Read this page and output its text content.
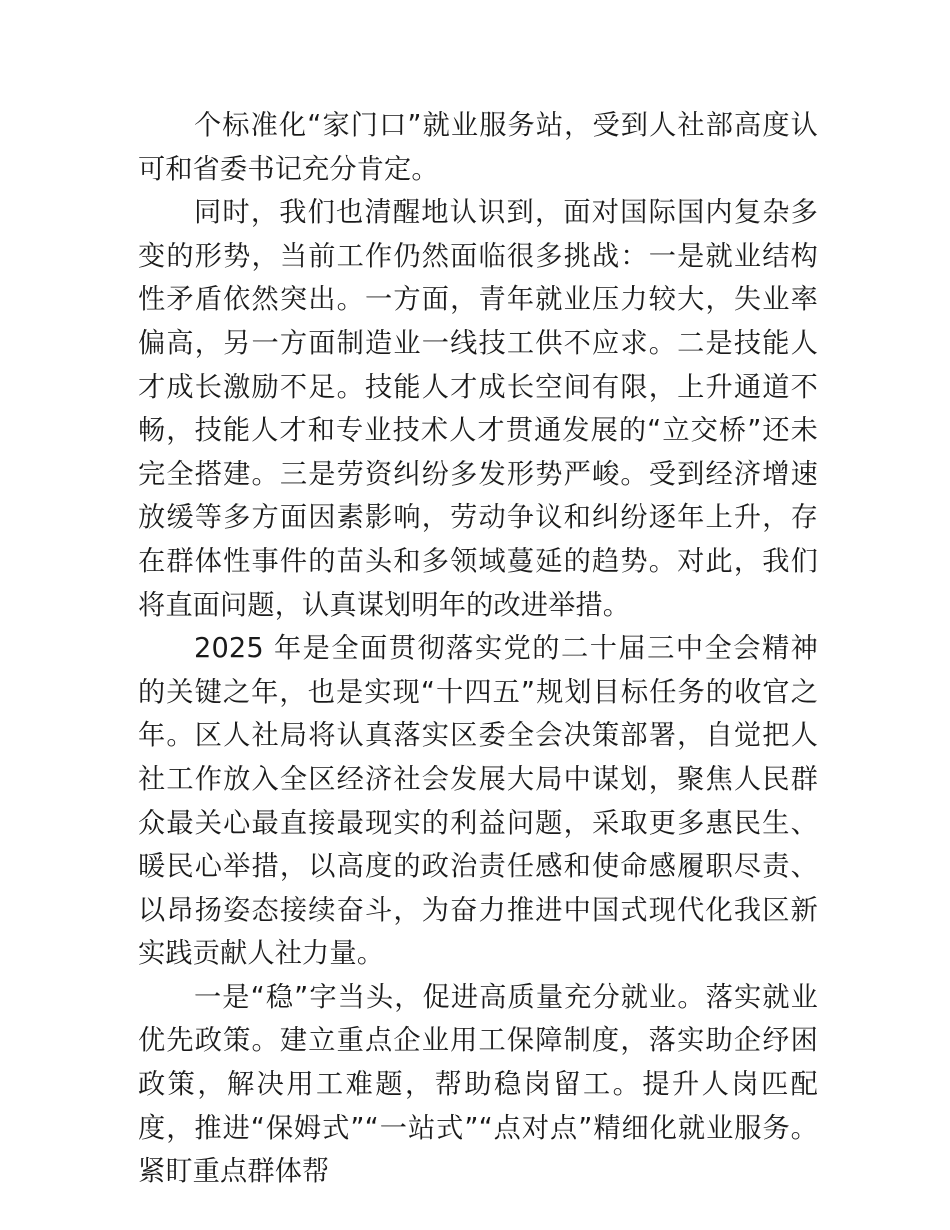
个标准化“家门口”就业服务站，受到人社部高度认可和省委书记充分肯定。

同时，我们也清醒地认识到，面对国际国内复杂多变的形势，当前工作仍然面临很多挑战：一是就业结构性矛盾依然突出。一方面，青年就业压力较大，失业率偏高，另一方面制造业一线技工供不应求。二是技能人才成长激励不足。技能人才成长空间有限，上升通道不畅，技能人才和专业技术人才贯通发展的“立交桥”还未完全搭建。三是劳资纠纷多发形势严峻。受到经济增速放缓等多方面因素影响，劳动争议和纠纷逐年上升，存在群体性事件的苗头和多领域蔓延的趋势。对此，我们将直面问题，认真谋划明年的改进举措。

2025 年是全面贯彻落实党的二十届三中全会精神的关键之年，也是实现“十四五”规划目标任务的收官之年。区人社局将认真落实区委全会决策部署，自觉把人社工作放入全区经济社会发展大局中谋划，聚焦人民群众最关心最直接最现实的利益问题，采取更多惠民生、暖民心举措，以高度的政治责任感和使命感履职尽责、以昂扬姿态接续奋斗，为奋力推进中国式现代化我区新实践贡献人社力量。

一是“稳”字当头，促进高质量充分就业。落实就业优先政策。建立重点企业用工保障制度，落实助企纾困政策，解决用工难题，帮助稳岗留工。提升人岗匹配度，推进“保姆式”“一站式”“点对点”精细化就业服务。紧盯重点群体帮
